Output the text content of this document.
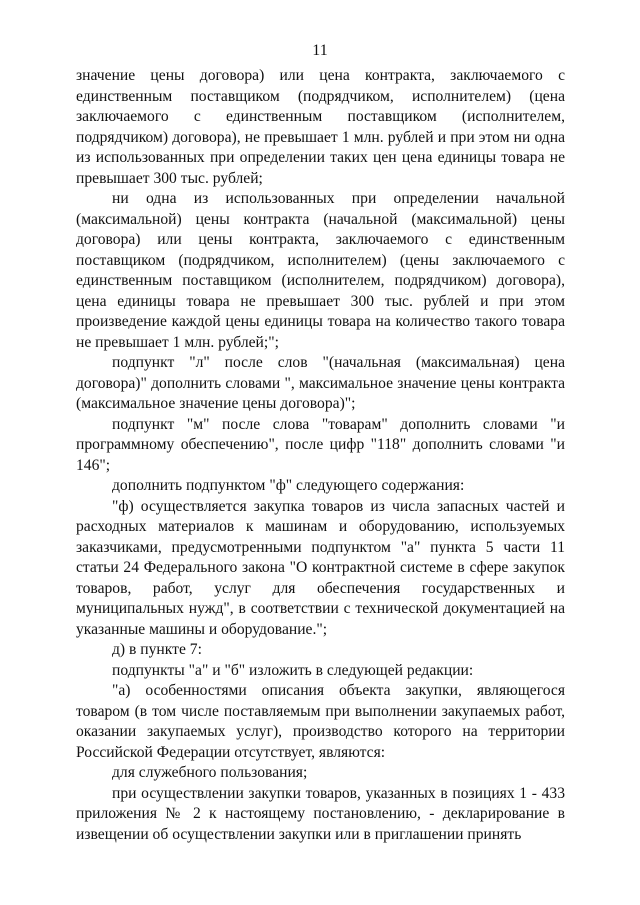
11

значение цены договора) или цена контракта, заключаемого с единственным поставщиком (подрядчиком, исполнителем) (цена заключаемого с единственным поставщиком (исполнителем, подрядчиком) договора), не превышает 1 млн. рублей и при этом ни одна из использованных при определении таких цен цена единицы товара не превышает 300 тыс. рублей;

ни одна из использованных при определении начальной (максимальной) цены контракта (начальной (максимальной) цены договора) или цены контракта, заключаемого с единственным поставщиком (подрядчиком, исполнителем) (цены заключаемого с единственным поставщиком (исполнителем, подрядчиком) договора), цена единицы товара не превышает 300 тыс. рублей и при этом произведение каждой цены единицы товара на количество такого товара не превышает 1 млн. рублей;";

подпункт "л" после слов "(начальная (максимальная) цена договора)" дополнить словами ", максимальное значение цены контракта (максимальное значение цены договора)";

подпункт "м" после слова "товарам" дополнить словами "и программному обеспечению", после цифр "118" дополнить словами "и 146";

дополнить подпунктом "ф" следующего содержания:

"ф) осуществляется закупка товаров из числа запасных частей и расходных материалов к машинам и оборудованию, используемых заказчиками, предусмотренными подпунктом "а" пункта 5 части 11 статьи 24 Федерального закона "О контрактной системе в сфере закупок товаров, работ, услуг для обеспечения государственных и муниципальных нужд", в соответствии с технической документацией на указанные машины и оборудование.";

д) в пункте 7:

подпункты "а" и "б" изложить в следующей редакции:

"а) особенностями описания объекта закупки, являющегося товаром (в том числе поставляемым при выполнении закупаемых работ, оказании закупаемых услуг), производство которого на территории Российской Федерации отсутствует, являются:

для служебного пользования;

при осуществлении закупки товаров, указанных в позициях 1 - 433 приложения № 2 к настоящему постановлению, - декларирование в извещении об осуществлении закупки или в приглашении принять
